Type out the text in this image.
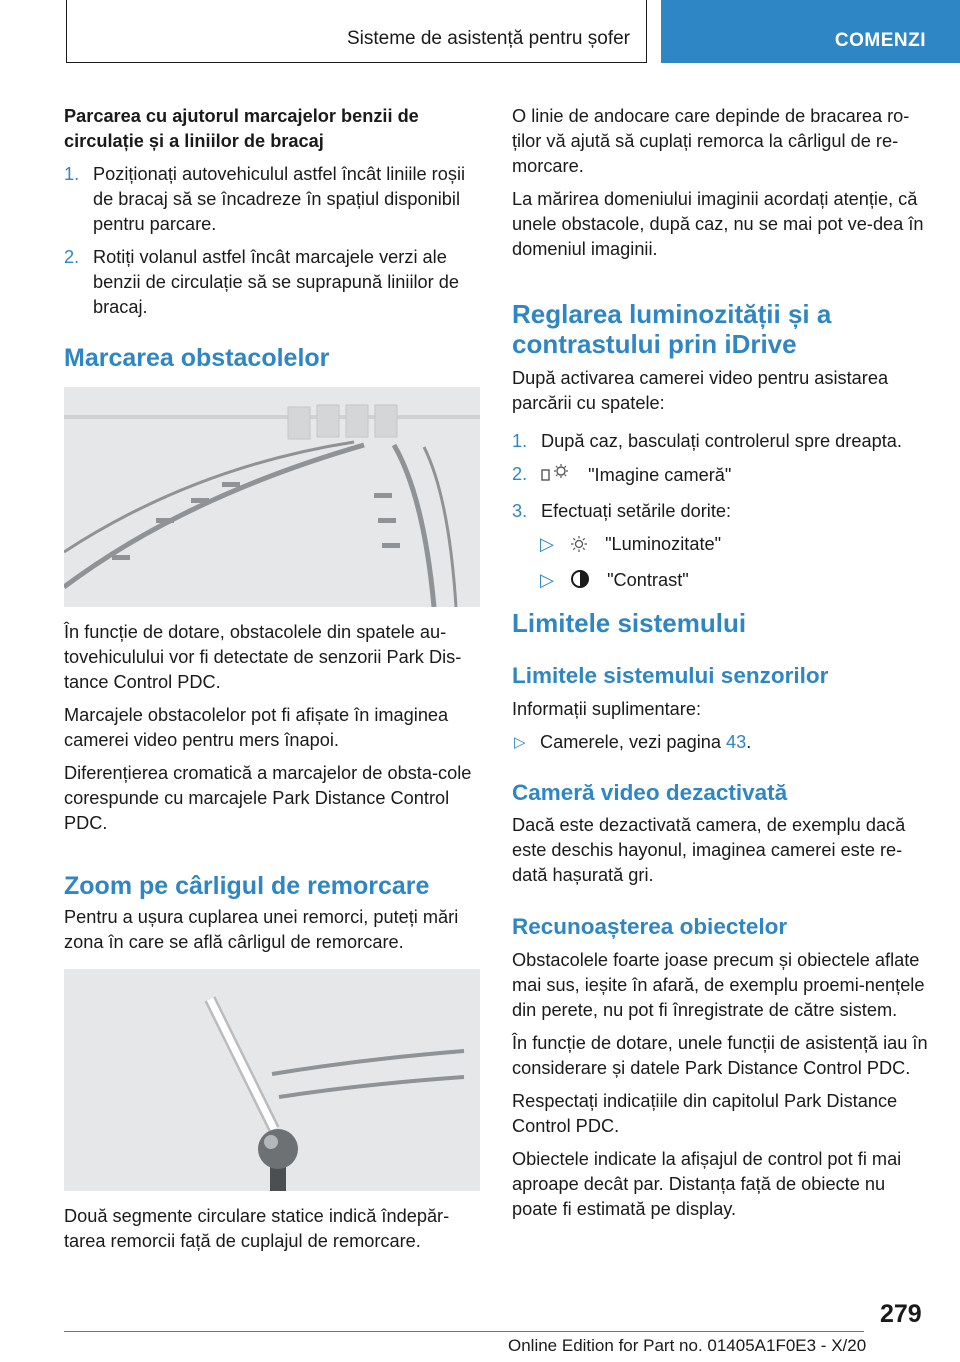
Sisteme de asistență pentru șofer	COMENZI
Parcarea cu ajutorul marcajelor benzii de circulație și a liniilor de bracaj
1. Poziționați autovehiculul astfel încât liniile roșii de bracaj să se încadreze în spațiul disponibil pentru parcare.
2. Rotiți volanul astfel încât marcajele verzi ale benzii de circulație să se suprapună liniilor de bracaj.
Marcarea obstacolelor

În funcție de dotare, obstacolele din spatele au-tovehiculului vor fi detectate de senzorii Park Dis-tance Control PDC.

Marcajele obstacolelor pot fi afișate în imaginea camerei video pentru mers înapoi.

Diferențierea cromatică a marcajelor de obsta-cole corespunde cu marcajele Park Distance Control PDC.

Zoom pe cârligul de remorcare

Pentru a ușura cuplarea unei remorci, puteți mări zona în care se află cârligul de remorcare.

Două segmente circulare statice indică îndepăr-tarea remorcii față de cuplajul de remorcare.

O linie de andocare care depinde de bracarea ro-ților vă ajută să cuplați remorca la cârligul de re-morcare.

La mărirea domeniului imaginii acordați atenție, că unele obstacole, după caz, nu se mai pot ve-dea în domeniul imaginii.

Reglarea luminozității și a contrastului prin iDrive

După activarea camerei video pentru asistarea parcării cu spatele:

1. După caz, basculați controlerul spre dreapta.
2.	"Imagine cameră"
3. Efectuați setările dorite:
▷	"Luminozitate"
▷	"Contrast"
Limitele sistemului
Limitele sistemului senzorilor

Informații suplimentare:

▷ Camerele, vezi pagina 43.
Cameră video dezactivată

Dacă este dezactivată camera, de exemplu dacă este deschis hayonul, imaginea camerei este re-dată hașurată gri.

Recunoașterea obiectelor

Obstacolele foarte joase precum și obiectele aflate mai sus, ieșite în afară, de exemplu proemi-nențele din perete, nu pot fi înregistrate de către sistem.

În funcție de dotare, unele funcții de asistență iau în considerare și datele Park Distance Control PDC.

Respectați indicațiile din capitolul Park Distance Control PDC.

Obiectele indicate la afișajul de control pot fi mai aproape decât par. Distanța față de obiecte nu poate fi estimată pe display.

279
Online Edition for Part no. 01405A1F0E3 - X/20
